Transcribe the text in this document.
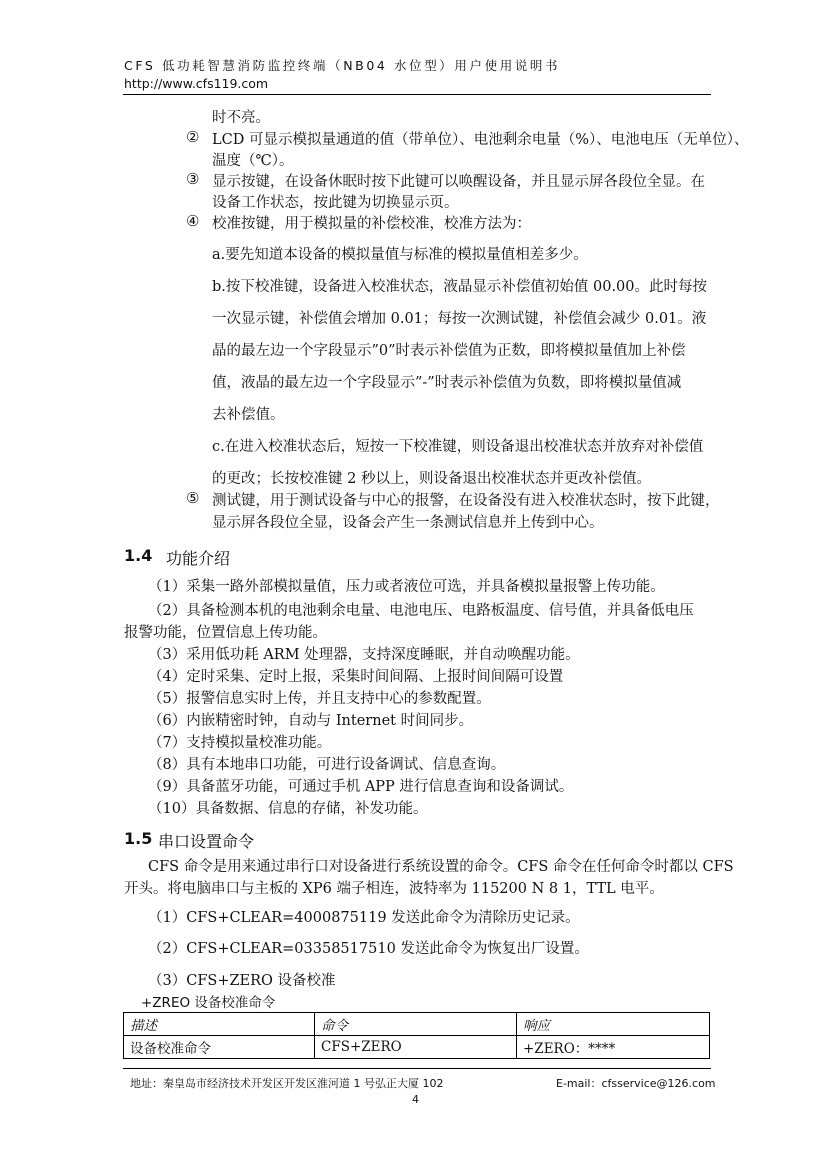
CFS 低功耗智慧消防监控终端（NB04 水位型）用户使用说明书
http://www.cfs119.com
时不亮。
② LCD 可显示模拟量通道的值（带单位）、电池剩余电量（%）、电池电压（无单位）、
温度（℃）。
③ 显示按键，在设备休眠时按下此键可以唤醒设备，并且显示屏各段位全显。在
设备工作状态，按此键为切换显示页。
④ 校准按键，用于模拟量的补偿校准，校准方法为：
a.要先知道本设备的模拟量值与标准的模拟量值相差多少。
b.按下校准键，设备进入校准状态，液晶显示补偿值初始值 00.00。此时每按
一次显示键，补偿值会增加 0.01；每按一次测试键，补偿值会减少 0.01。液
晶的最左边一个字段显示”0”时表示补偿值为正数，即将模拟量值加上补偿
值，液晶的最左边一个字段显示”-”时表示补偿值为负数，即将模拟量值减
去补偿值。
c.在进入校准状态后，短按一下校准键，则设备退出校准状态并放弃对补偿值
的更改；长按校准键 2 秒以上，则设备退出校准状态并更改补偿值。
⑤ 测试键，用于测试设备与中心的报警，在设备没有进入校准状态时，按下此键，
显示屏各段位全显，设备会产生一条测试信息并上传到中心。
1.4 功能介绍
（1）采集一路外部模拟量值，压力或者液位可选，并具备模拟量报警上传功能。
（2）具备检测本机的电池剩余电量、电池电压、电路板温度、信号值，并具备低电压
报警功能，位置信息上传功能。
（3）采用低功耗 ARM 处理器，支持深度睡眠，并自动唤醒功能。
（4）定时采集、定时上报，采集时间间隔、上报时间间隔可设置
（5）报警信息实时上传，并且支持中心的参数配置。
（6）内嵌精密时钟，自动与 Internet 时间同步。
（7）支持模拟量校准功能。
（8）具有本地串口功能，可进行设备调试、信息查询。
（9）具备蓝牙功能，可通过手机 APP 进行信息查询和设备调试。
（10）具备数据、信息的存储，补发功能。
1.5 串口设置命令
CFS 命令是用来通过串行口对设备进行系统设置的命令。CFS 命令在任何命令时都以 CFS
开头。将电脑串口与主板的 XP6 端子相连，波特率为 115200 N 8 1，TTL 电平。
（1）CFS+CLEAR=4000875119 发送此命令为清除历史记录。
（2）CFS+CLEAR=03358517510 发送此命令为恢复出厂设置。
（3）CFS+ZERO 设备校准
+ZREO 设备校准命令
描述	命令	响应
设备校准命令	CFS+ZERO	+ZERO：****
地址：秦皇岛市经济技术开发区开发区淮河道 1 号弘正大厦 102	E-mail：cfsservice@126.com
4
